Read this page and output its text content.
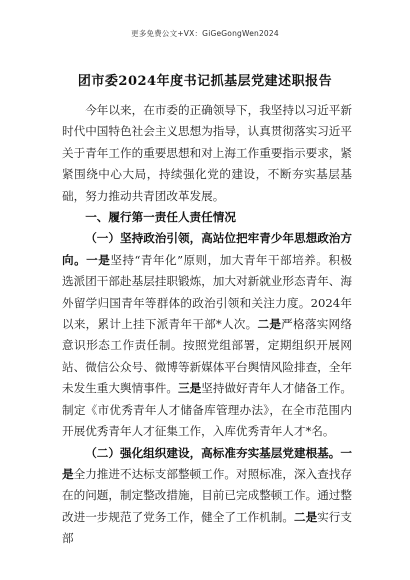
更多免费公文+VX：GiGeGongWen2024
团市委2024年度书记抓基层党建述职报告

今年以来，在市委的正确领导下，我坚持以习近平新时代中国特色社会主义思想为指导，认真贯彻落实习近平关于青年工作的重要思想和对上海工作重要指示要求，紧紧围绕中心大局，持续强化党的建设，不断夯实基层基础，努力推动共青团改革发展。

一、履行第一责任人责任情况

（一）坚持政治引领，高站位把牢青少年思想政治方向。一是坚持“青年化”原则，加大青年干部培养。积极选派团干部赴基层挂职锻炼，加大对新就业形态青年、海外留学归国青年等群体的政治引领和关注力度。2024年以来，累计上挂下派青年干部*人次。二是严格落实网络意识形态工作责任制。按照党组部署，定期组织开展网站、微信公众号、微博等新媒体平台舆情风险排查，全年未发生重大舆情事件。三是坚持做好青年人才储备工作。制定《市优秀青年人才储备库管理办法》，在全市范围内开展优秀青年人才征集工作，入库优秀青年人才*名。

（二）强化组织建设，高标准夯实基层党建根基。一是全力推进不达标支部整顿工作。对照标准，深入查找存在的问题，制定整改措施，目前已完成整顿工作。通过整改进一步规范了党务工作，健全了工作机制。二是实行支部
